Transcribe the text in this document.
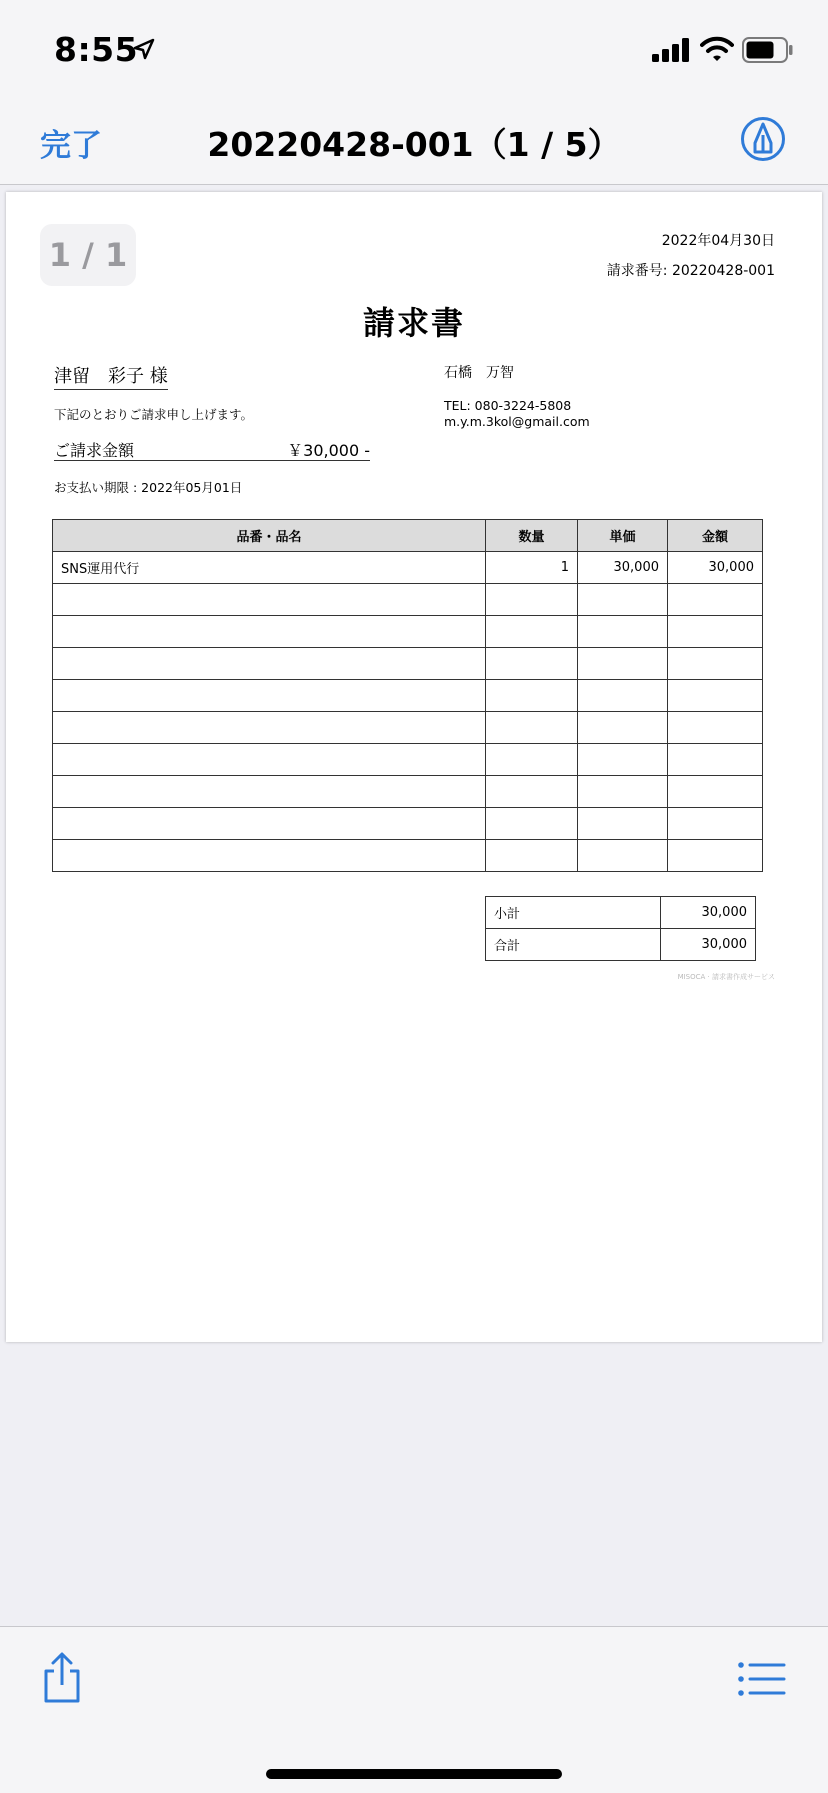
8:55
完了	20220428-001（1 / 5）
1 / 1	2022年04月30日
請求番号: 20220428-001
請求書
津留　彩子 様	石橋　万智
下記のとおりご請求申し上げます。
TEL: 080-3224-5808
m.y.m.3kol@gmail.com
ご請求金額	￥30,000 -
お支払い期限 : 2022年05月01日
品番・品名	数量	単価	金額
SNS運用代行	1	30,000	30,000

小計	30,000
合計	30,000
MISOCA · 請求書作成サービス
